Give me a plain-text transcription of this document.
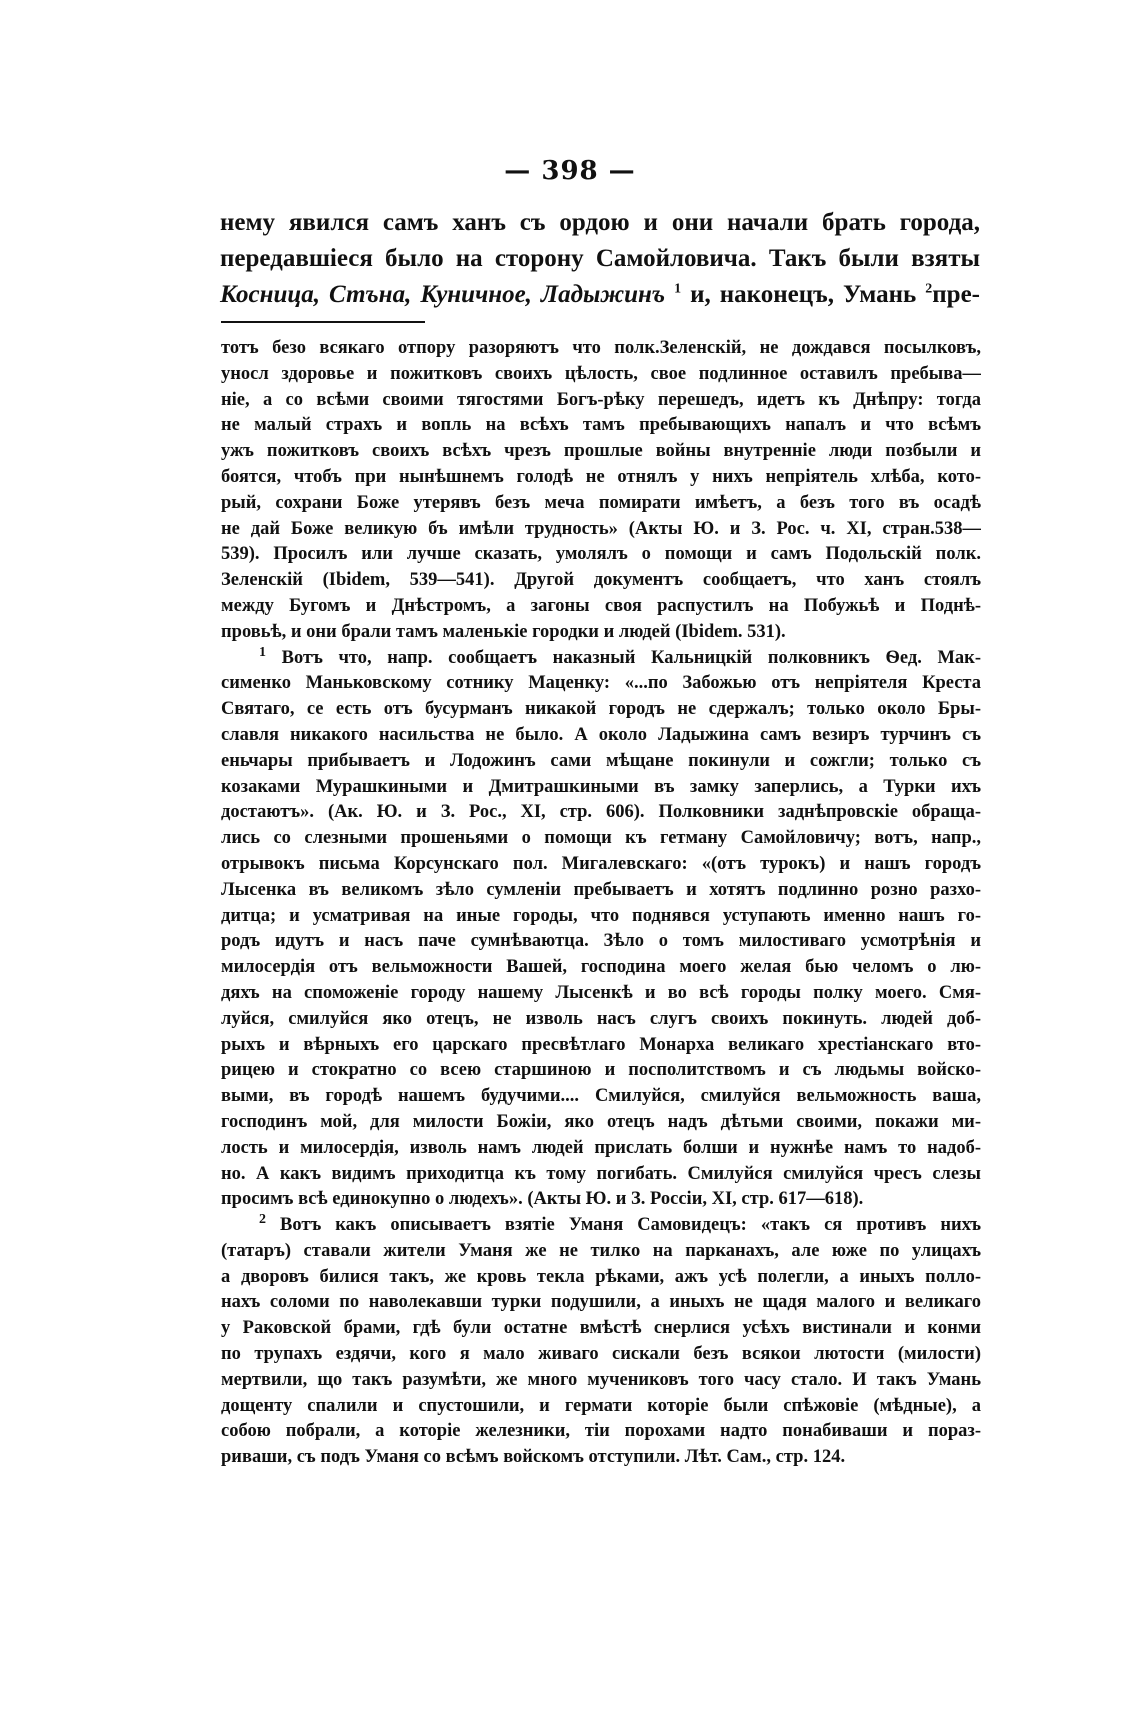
— 398 —
нему явился самъ ханъ съ ордою и они начали брать города,
передавшіеся было на сторону Самойловича. Такъ были взяты
Косница, Стъна, Куничное, Ладыжинъ $^1$ и, наконецъ, Умань $^2$пре-
тотъ безо всякаго отпору разоряютъ что полк.Зеленскій, не дождався посылковъ,
уносл здоровье и пожитковъ своихъ цѣлость, свое подлинное оставилъ пребыва—
ніе, а со всѣми своими тягостями Богъ-рѣку перешедъ, идетъ къ Днѣпру: тогда
не малый страхъ и вопль на всѣхъ тамъ пребывающихъ напалъ и что всѣмъ
ужъ пожитковъ своихъ всѣхъ чрезъ прошлые войны внутренніе люди позбыли и
боятся, чтобъ при нынѣшнемъ голодѣ не отнялъ у нихъ непріятель хлѣба, кото-
рый, сохрани Боже утерявъ безъ меча помирати имѣетъ, а безъ того въ осадѣ
не дай Боже великую бъ имѣли трудность» (Акты Ю. и З. Рос. ч. XI, стран.538—
539). Просилъ или лучше сказать, умолялъ о помощи и самъ Подольскій полк.
Зеленскій (Ibidem, 539—541). Другой документъ сообщаетъ, что ханъ стоялъ
между Бугомъ и Днѣстромъ, а загоны своя распустилъ на Побужьѣ и Поднѣ-
провьѣ, и они брали тамъ маленькіе городки и людей (Ibidem. 531).
$^1$ Вотъ что, напр. сообщаетъ наказный Кальницкій полковникъ Ѳед. Мак-
сименко Маньковскому сотнику Маценку: «...по Забожью отъ непріятеля Креста
Святаго, се есть отъ бусурманъ никакой городъ не сдержалъ; только около Бры-
славля никакого насильства не было. А около Ладыжина самъ везиръ турчинъ съ
еньчары прибываетъ и Лодожинъ сами мѣщане покинули и сожгли; только съ
козаками Мурашкиными и Дмитрашкиными въ замку заперлись, а Турки ихъ
достаютъ». (Ак. Ю. и З. Рос., XI, стр. 606). Полковники заднѣпровскіе обраща-
лись со слезными прошеньями о помощи къ гетману Самойловичу; вотъ, напр.,
отрывокъ письма Корсунскаго пол. Мигалевскаго: «(отъ турокъ) и нашъ городъ
Лысенка въ великомъ зѣло сумленіи пребываетъ и хотятъ подлинно розно разхо-
дитца; и усматривая на иные городы, что поднявся уступають именно нашъ го-
родъ идутъ и насъ паче сумнѣваютца. Зѣло о томъ милостиваго усмотрѣнія и
милосердія отъ вельможности Вашей, господина моего желая бью челомъ о лю-
дяхъ на споможеніе городу нашему Лысенкѣ и во всѣ городы полку моего. Смя-
луйся, смилуйся яко отецъ, не изволь насъ слугъ своихъ покинуть. людей доб-
рыхъ и вѣрныхъ его царскаго пресвѣтлаго Монарха великаго хрестіанскаго вто-
рицею и стократно со всею старшиною и посполитствомъ и съ людьмы войско-
выми, въ городѣ нашемъ будучими.... Смилуйся, смилуйся вельможность ваша,
господинъ мой, для милости Божіи, яко отецъ надъ дѣтьми своими, покажи ми-
лость и милосердія, изволь намъ людей прислать болши и нужнѣе намъ то надоб-
но. А какъ видимъ приходитца къ тому погибать. Смилуйся смилуйся чресъ слезы
просимъ всѣ единокупно о людехъ». (Акты Ю. и З. Россіи, XI, стр. 617—618).
$^2$ Вотъ какъ описываетъ взятіе Уманя Самовидецъ: «такъ ся противъ нихъ
(татаръ) ставали жители Уманя же не тилко на парканахъ, але юже по улицахъ
а дворовъ билися такъ, же кровь текла рѣками, ажъ усѣ полегли, а иныхъ полло-
нахъ соломи по наволекавши турки подушили, а иныхъ не щадя малого и великаго
у Раковской брами, гдѣ були остатне вмѣстѣ снерлися усѣхъ вистинали и конми
по трупахъ ездячи, кого я мало живаго сискали безъ всякои лютости (милости)
мертвили, що такъ разумѣти, же много мучениковъ того часу стало. И такъ Умань
дощенту спалили и спустошили, и гермати которіе были спѣжовіе (мѣдные), а
собою побрали, а которіе железники, тіи порохами надто понабиваши и пораз-
риваши, съ подъ Уманя со всѣмъ войскомъ отступили. Лѣт. Сам., стр. 124.
